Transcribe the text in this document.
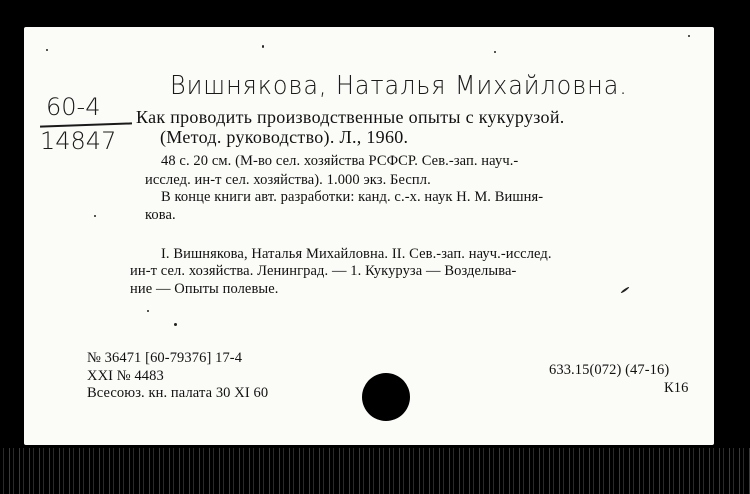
Вишнякова, Наталья Михайловна.
60-4
14847
Как проводить производственные опыты с кукурузой.
(Метод. руководство). Л., 1960.
48 с. 20 см. (М-во сел. хозяйства РСФСР. Сев.-зап. науч.-
исслед. ин-т сел. хозяйства). 1.000 экз. Беспл.
В конце книги авт. разработки: канд. с.-х. наук Н. М. Вишня-
кова.
I. Вишнякова, Наталья Михайловна. II. Сев.-зап. науч.-исслед.
ин-т сел. хозяйства. Ленинград. — 1. Кукуруза — Возделыва-
ние — Опыты полевые.
№ 36471 [60-79376] 17-4
XXI № 4483
Всесоюз. кн. палата 30 XI 60
633.15(072) (47-16)
К16
